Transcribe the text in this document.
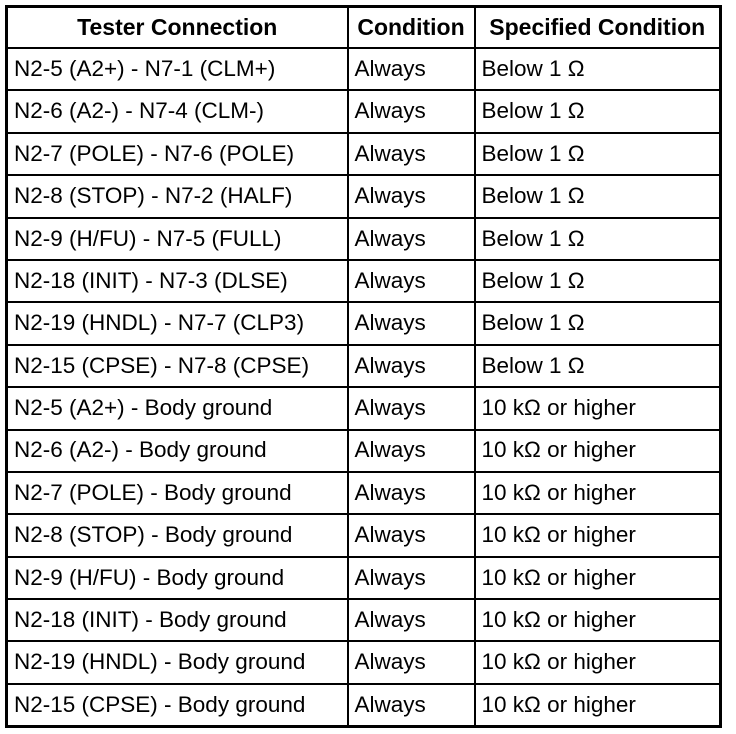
Tester Connection	Condition	Specified Condition
N2-5 (A2+) - N7-1 (CLM+)	Always	Below 1 Ω
N2-6 (A2-) - N7-4 (CLM-)	Always	Below 1 Ω
N2-7 (POLE) - N7-6 (POLE)	Always	Below 1 Ω
N2-8 (STOP) - N7-2 (HALF)	Always	Below 1 Ω
N2-9 (H/FU) - N7-5 (FULL)	Always	Below 1 Ω
N2-18 (INIT) - N7-3 (DLSE)	Always	Below 1 Ω
N2-19 (HNDL) - N7-7 (CLP3)	Always	Below 1 Ω
N2-15 (CPSE) - N7-8 (CPSE)	Always	Below 1 Ω
N2-5 (A2+) - Body ground	Always	10 kΩ or higher
N2-6 (A2-) - Body ground	Always	10 kΩ or higher
N2-7 (POLE) - Body ground	Always	10 kΩ or higher
N2-8 (STOP) - Body ground	Always	10 kΩ or higher
N2-9 (H/FU) - Body ground	Always	10 kΩ or higher
N2-18 (INIT) - Body ground	Always	10 kΩ or higher
N2-19 (HNDL) - Body ground	Always	10 kΩ or higher
N2-15 (CPSE) - Body ground	Always	10 kΩ or higher
